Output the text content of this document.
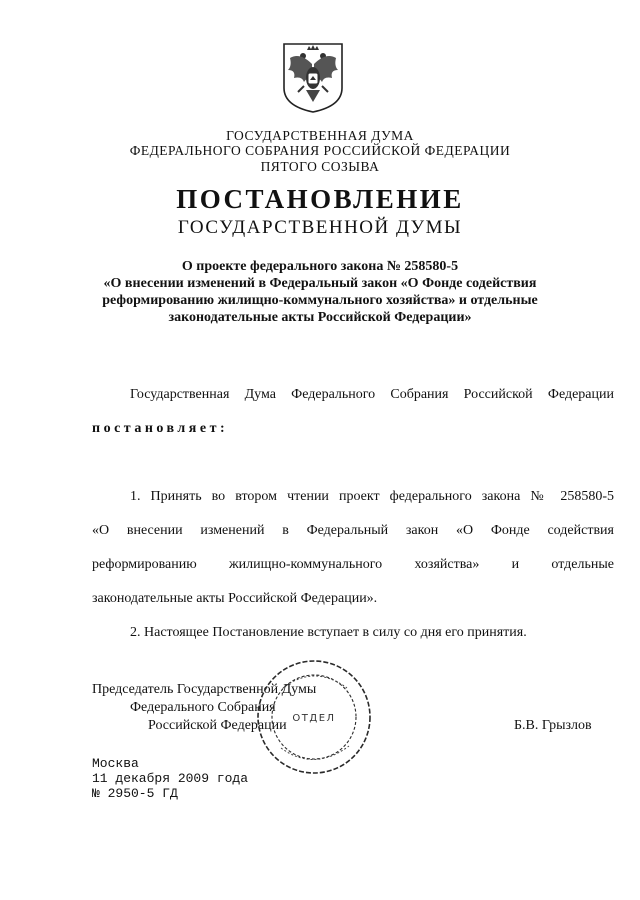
ГОСУДАРСТВЕННАЯ ДУМА
ФЕДЕРАЛЬНОГО СОБРАНИЯ РОССИЙСКОЙ ФЕДЕРАЦИИ
ПЯТОГО СОЗЫВА
ПОСТАНОВЛЕНИЕ
ГОСУДАРСТВЕННОЙ ДУМЫ
О проекте федерального закона № 258580-5
«О внесении изменений в Федеральный закон «О Фонде содействия
реформированию жилищно-коммунального хозяйства» и отдельные
законодательные акты Российской Федерации»
Государственная Дума Федерального Собрания Российской Федерации
постановляет:
1. Принять во втором чтении проект федерального закона № 258580-5
«О внесении изменений в Федеральный закон «О Фонде содействия
реформированию жилищно-коммунального хозяйства» и отдельные
законодательные акты Российской Федерации».
2. Настоящее Постановление вступает в силу со дня его принятия.
Председатель Государственной Думы
Федерального Собрания
Российской Федерации	Б.В. Грызлов
ОТДЕЛ
Москва
11 декабря 2009 года
№ 2950-5 ГД
